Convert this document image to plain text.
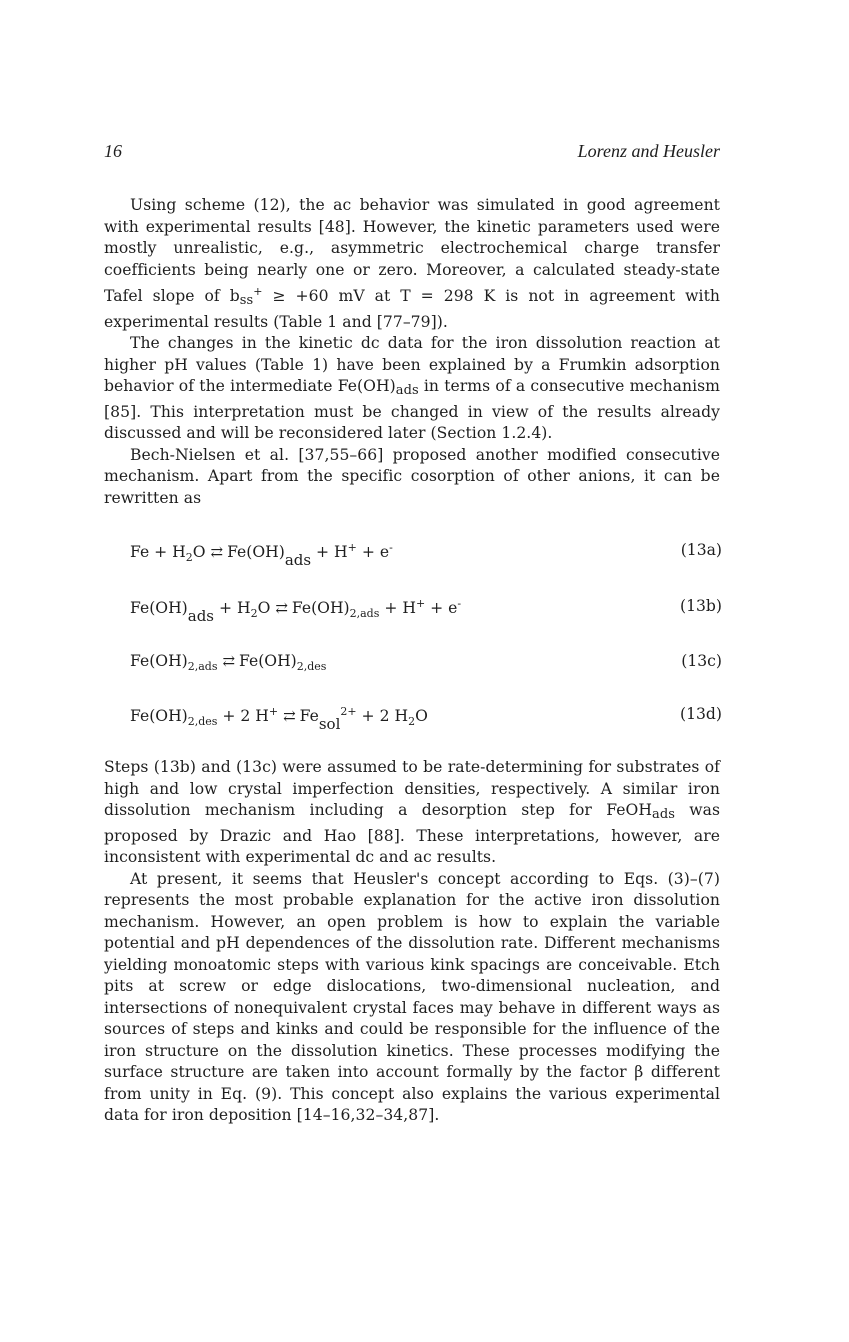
16	Lorenz and Heusler

Using scheme (12), the ac behavior was simulated in good agreement with experimental results [48]. However, the kinetic parameters used were mostly unrealistic, e.g., asymmetric electrochemical charge transfer coefficients being nearly one or zero. Moreover, a calculated steady-state Tafel slope of bss+ ≥ +60 mV at T = 298 K is not in agreement with experimental results (Table 1 and [77–79]).

The changes in the kinetic dc data for the iron dissolution reaction at higher pH values (Table 1) have been explained by a Frumkin adsorption behavior of the intermediate Fe(OH)ads in terms of a consecutive mechanism [85]. This interpretation must be changed in view of the results already discussed and will be reconsidered later (Section 1.2.4).

Bech-Nielsen et al. [37,55–66] proposed another modified consecutive mechanism. Apart from the specific cosorption of other anions, it can be rewritten as

$Fe + H_2O$ ⇄ $Fe(OH)_{ads} + H^+ + e^-$	(13a)
$Fe(OH)_{ads} + H_2O$ ⇄ $Fe(OH)_{2,ads} + H^+ + e^-$	(13b)
$Fe(OH)_{2,ads}$ ⇄ $Fe(OH)_{2,des}$	(13c)
$Fe(OH)_{2,des} + 2$ H+ ⇄ $Fe_{sol}^{2+} + 2$ $H_2O$	(13d)

Steps (13b) and (13c) were assumed to be rate-determining for substrates of high and low crystal imperfection densities, respectively. A similar iron dissolution mechanism including a desorption step for FeOHads was proposed by Drazic and Hao [88]. These interpretations, however, are inconsistent with experimental dc and ac results.

At present, it seems that Heusler's concept according to Eqs. (3)–(7) represents the most probable explanation for the active iron dissolution mechanism. However, an open problem is how to explain the variable potential and pH dependences of the dissolution rate. Different mechanisms yielding monoatomic steps with various kink spacings are conceivable. Etch pits at screw or edge dislocations, two-dimensional nucleation, and intersections of nonequivalent crystal faces may behave in different ways as sources of steps and kinks and could be responsible for the influence of the iron structure on the dissolution kinetics. These processes modifying the surface structure are taken into account formally by the factor β different from unity in Eq. (9). This concept also explains the various experimental data for iron deposition [14–16,32–34,87].
